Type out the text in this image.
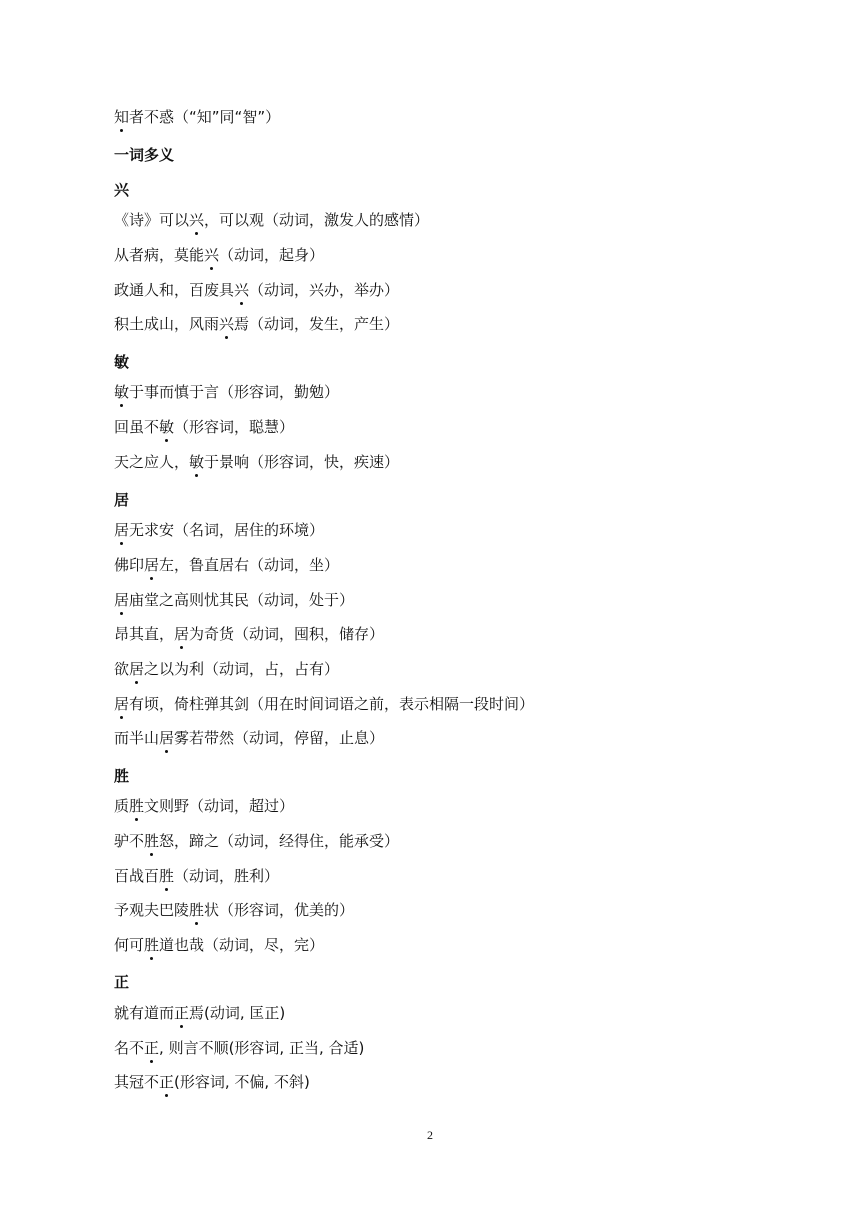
知者不惑（“知”同“智”）
一词多义
兴
《诗》可以兴，可以观（动词，激发人的感情）
从者病，莫能兴（动词，起身）
政通人和，百废具兴（动词，兴办，举办）
积土成山，风雨兴焉（动词，发生，产生）
敏
敏于事而慎于言（形容词，勤勉）
回虽不敏（形容词，聪慧）
天之应人，敏于景响（形容词，快，疾速）
居
居无求安（名词，居住的环境）
佛印居左，鲁直居右（动词，坐）
居庙堂之高则忧其民（动词，处于）
昂其直，居为奇货（动词，囤积，储存）
欲居之以为利（动词，占，占有）
居有顷，倚柱弹其剑（用在时间词语之前，表示相隔一段时间）
而半山居雾若带然（动词，停留，止息）
胜
质胜文则野（动词，超过）
驴不胜怒，蹄之（动词，经得住，能承受）
百战百胜（动词，胜利）
予观夫巴陵胜状（形容词，优美的）
何可胜道也哉（动词，尽，完）
正
就有道而正焉(动词, 匡正)
名不正, 则言不顺(形容词, 正当, 合适)
其冠不正(形容词, 不偏, 不斜)
2
